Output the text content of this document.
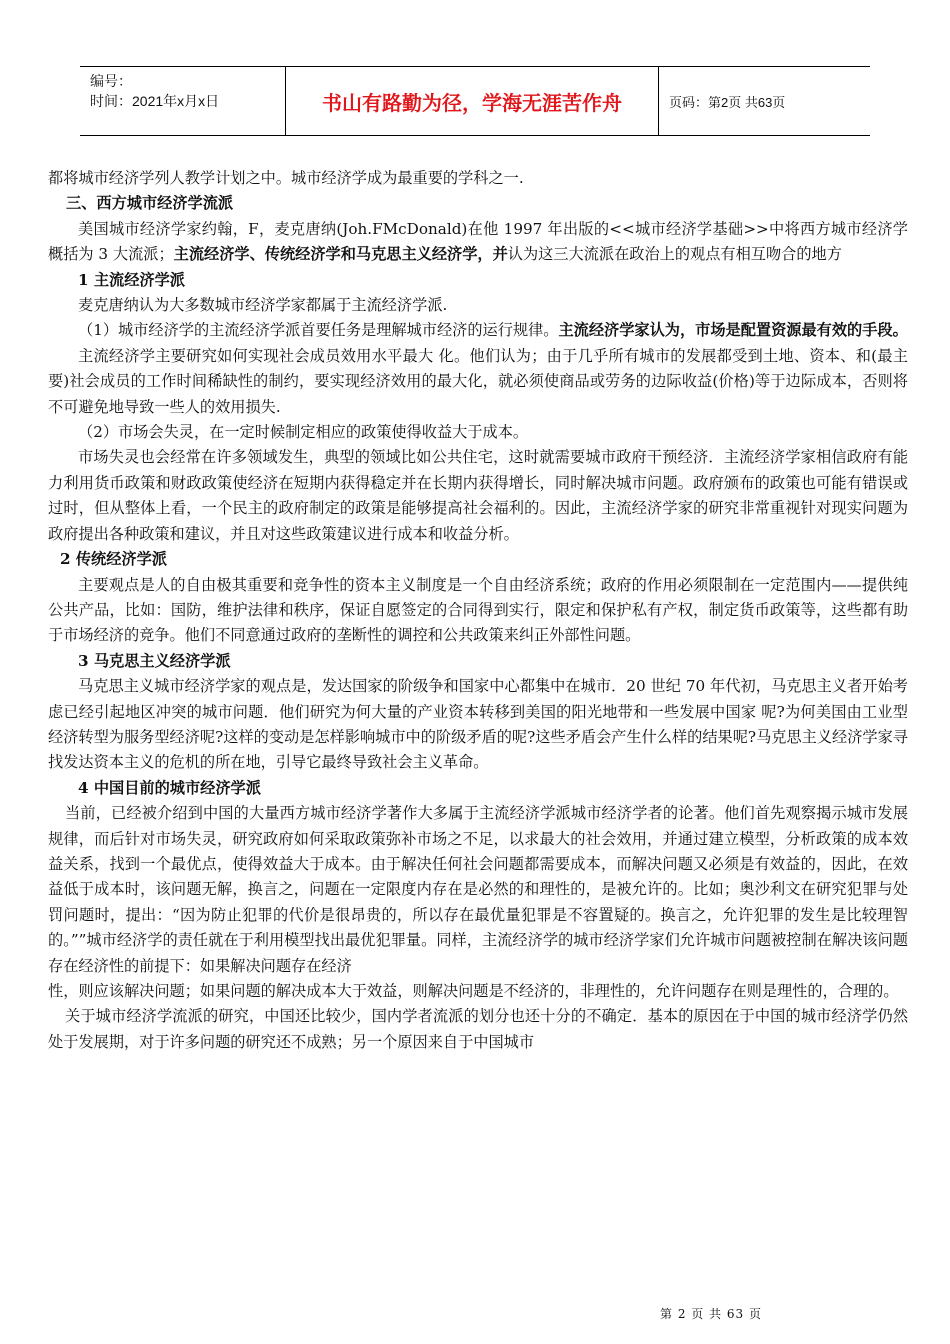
编号：
时间：2021年x月x日	书山有路勤为径，学海无涯苦作舟	页码：第2页 共63页

都将城市经济学列人教学计划之中。城市经济学成为最重要的学科之一.

三、西方城市经济学流派

美国城市经济学家约翰，F，麦克唐纳(Joh.FMcDonald)在他 1997 年出版的<<城市经济学基础>>中将西方城市经济学概括为 3 大流派；主流经济学、传统经济学和马克思主义经济学，并认为这三大流派在政治上的观点有相互吻合的地方

1 主流经济学派

麦克唐纳认为大多数城市经济学家都属于主流经济学派.

（1）城市经济学的主流经济学派首要任务是理解城市经济的运行规律。主流经济学家认为，市场是配置资源最有效的手段。

主流经济学主要研究如何实现社会成员效用水平最大 化。他们认为；由于几乎所有城市的发展都受到土地、资本、和(最主要)社会成员的工作时间稀缺性的制约，要实现经济效用的最大化，就必须使商品或劳务的边际收益(价格)等于边际成本，否则将不可避免地导致一些人的效用损失.

（2）市场会失灵，在一定时候制定相应的政策使得收益大于成本。

市场失灵也会经常在许多领域发生，典型的领域比如公共住宅，这时就需要城市政府干预经济．主流经济学家相信政府有能力利用货币政策和财政政策使经济在短期内获得稳定并在长期内获得增长，同时解决城市问题。政府颁布的政策也可能有错误或过时，但从整体上看，一个民主的政府制定的政策是能够提高社会福利的。因此，主流经济学家的研究非常重视针对现实问题为政府提出各种政策和建议，并且对这些政策建议进行成本和收益分析。

2 传统经济学派

主要观点是人的自由极其重要和竞争性的资本主义制度是一个自由经济系统；政府的作用必须限制在一定范围内——提供纯公共产品，比如：国防，维护法律和秩序，保证自愿签定的合同得到实行，限定和保护私有产权，制定货币政策等，这些都有助于市场经济的竞争。他们不同意通过政府的垄断性的调控和公共政策来纠正外部性问题。

3 马克思主义经济学派

马克思主义城市经济学家的观点是，发达国家的阶级争和国家中心都集中在城市．20 世纪 70 年代初，马克思主义者开始考虑已经引起地区冲突的城市问题．他们研究为何大量的产业资本转移到美国的阳光地带和一些发展中国家 呢?为何美国由工业型经济转型为服务型经济呢?这样的变动是怎样影响城市中的阶级矛盾的呢?这些矛盾会产生什么样的结果呢?马克思主义经济学家寻找发达资本主义的危机的所在地，引导它最终导致社会主义革命。

4 中国目前的城市经济学派

当前，已经被介绍到中国的大量西方城市经济学著作大多属于主流经济学派城市经济学者的论著。他们首先观察揭示城市发展规律，而后针对市场失灵，研究政府如何采取政策弥补市场之不足，以求最大的社会效用，并通过建立模型，分析政策的成本效益关系，找到一个最优点，使得效益大于成本。由于解决任何社会问题都需要成本，而解决问题又必须是有效益的，因此，在效益低于成本时，该问题无解，换言之，问题在一定限度内存在是必然的和理性的，是被允许的。比如；奥沙利文在研究犯罪与处罚问题时，提出：“因为防止犯罪的代价是很昂贵的，所以存在最优量犯罪是不容置疑的。换言之，允许犯罪的发生是比较理智的。””城市经济学的责任就在于利用模型找出最优犯罪量。同样，主流经济学的城市经济学家们允许城市问题被控制在解决该问题存在经济性的前提下：如果解决问题存在经济

性，则应该解决问题；如果问题的解决成本大于效益，则解决问题是不经济的，非理性的，允许问题存在则是理性的，合理的。

关于城市经济学流派的研究，中国还比较少，国内学者流派的划分也还十分的不确定．基本的原因在于中国的城市经济学仍然处于发展期，对于许多问题的研究还不成熟；另一个原因来自于中国城市

第 2 页 共 63 页
